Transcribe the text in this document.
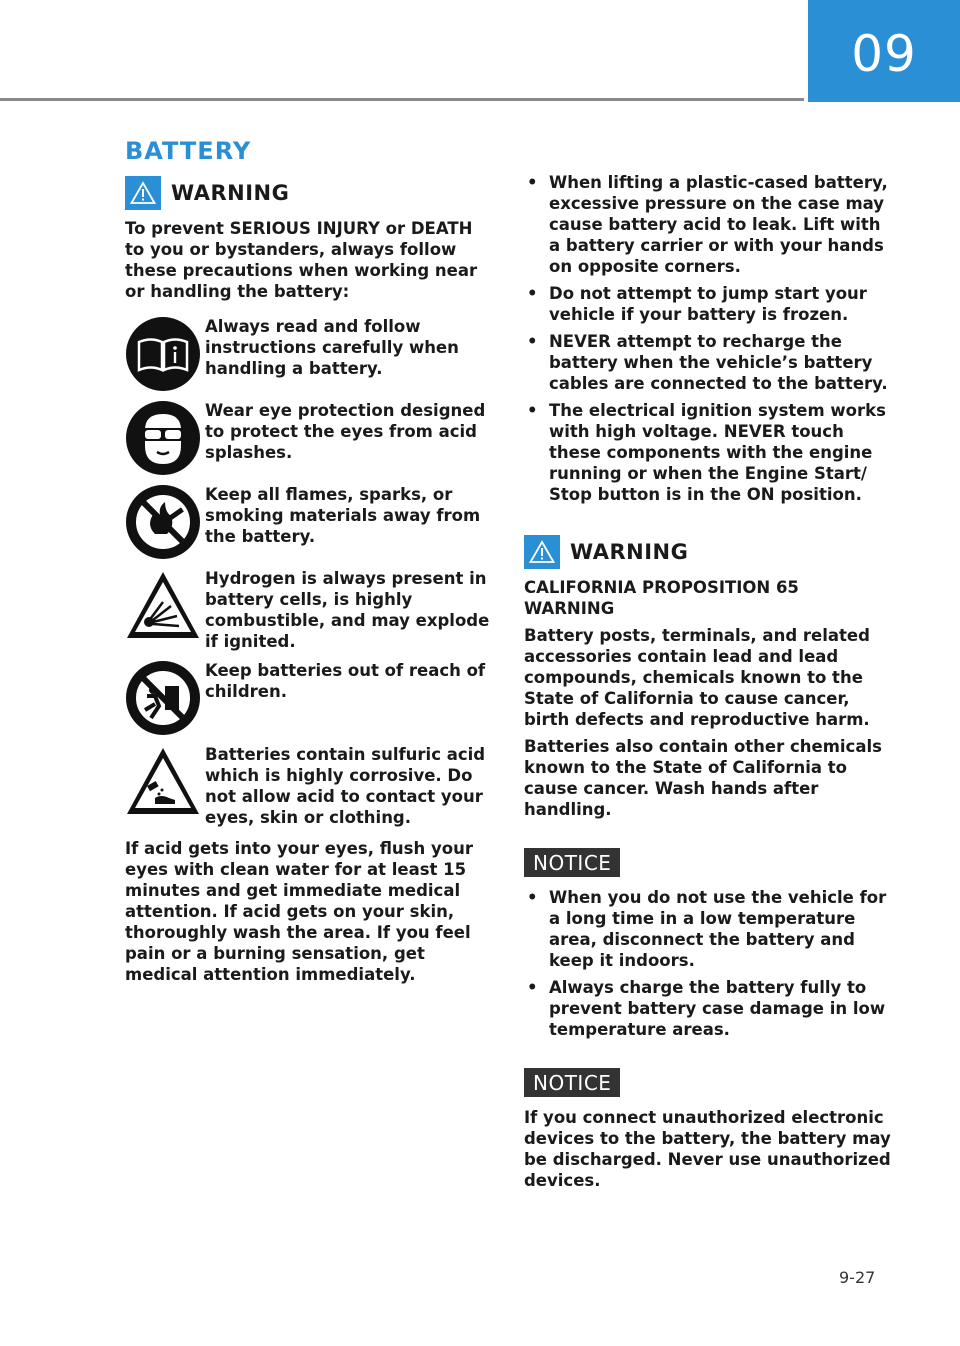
09
BATTERY
WARNING

To prevent SERIOUS INJURY or DEATH to you or bystanders, always follow these precautions when working near or handling the battery:

Always read and follow instructions carefully when handling a battery.
Wear eye protection designed to protect the eyes from acid splashes.
Keep all flames, sparks, or smoking materials away from the battery.
Hydrogen is always present in battery cells, is highly combustible, and may explode if ignited.
Keep batteries out of reach of children.
Batteries contain sulfuric acid which is highly corrosive. Do not allow acid to contact your eyes, skin or clothing.

If acid gets into your eyes, flush your eyes with clean water for at least 15 minutes and get immediate medical attention. If acid gets on your skin, thoroughly wash the area. If you feel pain or a burning sensation, get medical attention immediately.

• When lifting a plastic-cased battery, excessive pressure on the case may cause battery acid to leak. Lift with a battery carrier or with your hands on opposite corners.
• Do not attempt to jump start your vehicle if your battery is frozen.
• NEVER attempt to recharge the battery when the vehicle’s battery cables are connected to the battery.
• The electrical ignition system works with high voltage. NEVER touch these components with the engine running or when the Engine Start/ Stop button is in the ON position.
WARNING

CALIFORNIA PROPOSITION 65 WARNING

Battery posts, terminals, and related accessories contain lead and lead compounds, chemicals known to the State of California to cause cancer, birth defects and reproductive harm.

Batteries also contain other chemicals known to the State of California to cause cancer. Wash hands after handling.

NOTICE
• When you do not use the vehicle for a long time in a low temperature area, disconnect the battery and keep it indoors.
• Always charge the battery fully to prevent battery case damage in low temperature areas.
NOTICE

If you connect unauthorized electronic devices to the battery, the battery may be discharged. Never use unauthorized devices.

9-27
